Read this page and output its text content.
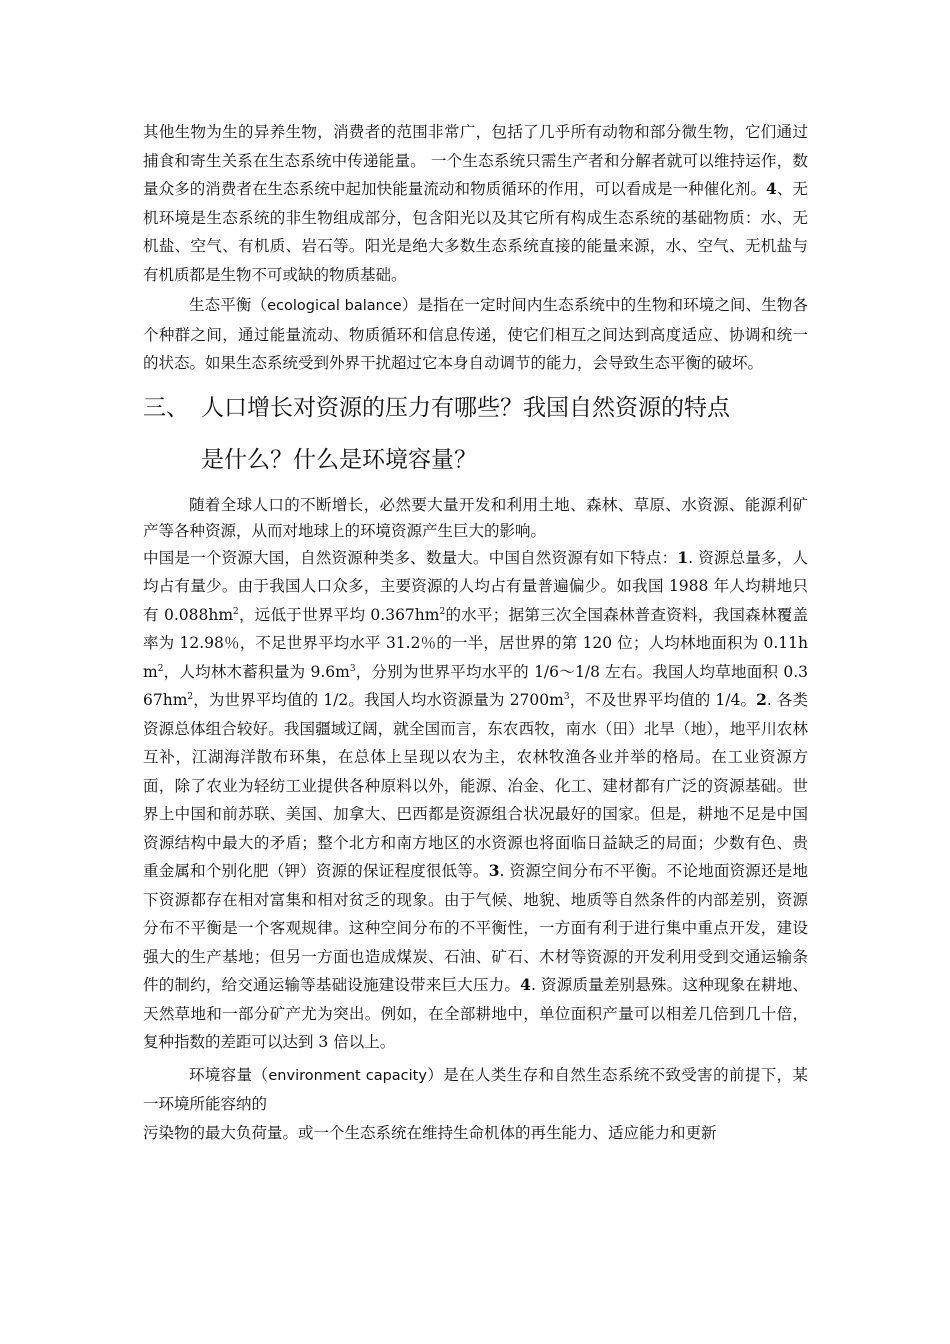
其他生物为生的异养生物，消费者的范围非常广，包括了几乎所有动物和部分微生物，它们通过捕食和寄生关系在生态系统中传递能量。 一个生态系统只需生产者和分解者就可以维持运作，数量众多的消费者在生态系统中起加快能量流动和物质循环的作用，可以看成是一种催化剂。4、无机环境是生态系统的非生物组成部分，包含阳光以及其它所有构成生态系统的基础物质：水、无机盐、空气、有机质、岩石等。阳光是绝大多数生态系统直接的能量来源，水、空气、无机盐与有机质都是生物不可或缺的物质基础。

生态平衡（ecological balance）是指在一定时间内生态系统中的生物和环境之间、生物各个种群之间，通过能量流动、物质循环和信息传递，使它们相互之间达到高度适应、协调和统一的状态。如果生态系统受到外界干扰超过它本身自动调节的能力，会导致生态平衡的破坏。

三、 人口增长对资源的压力有哪些？我国自然资源的特点
是什么？什么是环境容量？

随着全球人口的不断增长，必然要大量开发和利用土地、森林、草原、水资源、能源利矿产等各种资源，从而对地球上的环境资源产生巨大的影响。

中国是一个资源大国，自然资源种类多、数量大。中国自然资源有如下特点：1. 资源总量多，人均占有量少。由于我国人口众多，主要资源的人均占有量普遍偏少。如我国 1988 年人均耕地只有 $0.088hm^2$，远低于世界平均 $0.367hm^2$的水平；据第三次全国森林普查资料，我国森林覆盖率为 12.98％，不足世界平均水平 31.2％的一半，居世界的第 120 位；人均林地面积为 $0.11hm^2$，人均林木蓄积量为 $9.6m^3$，分别为世界平均水平的 1/6～1/8 左右。我国人均草地面积 $0.367hm^2$，为世界平均值的 1/2。我国人均水资源量为 $2700m^3$，不及世界平均值的 1/4。2. 各类资源总体组合较好。我国疆域辽阔，就全国而言，东农西牧，南水（田）北旱（地），地平川农林互补，江湖海洋散布环集，在总体上呈现以农为主，农林牧渔各业并举的格局。在工业资源方面，除了农业为轻纺工业提供各种原料以外，能源、冶金、化工、建材都有广泛的资源基础。世界上中国和前苏联、美国、加拿大、巴西都是资源组合状况最好的国家。但是，耕地不足是中国资源结构中最大的矛盾；整个北方和南方地区的水资源也将面临日益缺乏的局面；少数有色、贵重金属和个别化肥（钾）资源的保证程度很低等。3. 资源空间分布不平衡。不论地面资源还是地下资源都存在相对富集和相对贫乏的现象。由于气候、地貌、地质等自然条件的内部差别，资源分布不平衡是一个客观规律。这种空间分布的不平衡性，一方面有利于进行集中重点开发，建设强大的生产基地；但另一方面也造成煤炭、石油、矿石、木材等资源的开发利用受到交通运输条件的制约，给交通运输等基础设施建设带来巨大压力。4. 资源质量差别悬殊。这种现象在耕地、天然草地和一部分矿产尤为突出。例如，在全部耕地中，单位面积产量可以相差几倍到几十倍，复种指数的差距可以达到 3 倍以上。

环境容量（environment capacity）是在人类生存和自然生态系统不致受害的前提下，某一环境所能容纳的

污染物的最大负荷量。或一个生态系统在维持生命机体的再生能力、适应能力和更新
